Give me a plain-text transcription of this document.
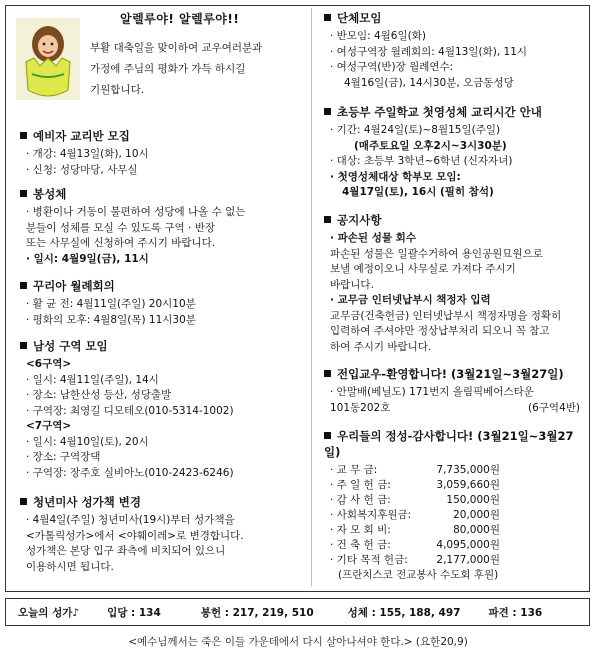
알렐루야! 알렐루야!!
부활 대축일을 맞이하여 교우여러분과
가정에 주님의 평화가 가득 하시길
기원합니다.
예비자 교리반 모집
· 개강: 4월13일(화), 10시
· 신청: 성당마당, 사무실
봉성체
· 병환이나 거동이 불편하여 성당에 나올 수 없는
분들이 성체를 모실 수 있도록 구역 · 반장
또는 사무실에 신청하여 주시기 바랍니다.
· 일시: 4월9일(금), 11시
꾸리아 월례회의
· 활 균 전: 4월11일(주일) 20시10분
· 평화의 모후: 4월8일(목) 11시30분
남성 구역 모임
<6구역>
· 일시: 4월11일(주일), 14시
· 장소: 남한산성 등산, 성당출발
· 구역장: 최영길 디모테오(010-5314-1002)
<7구역>
· 일시: 4월10일(토), 20시
· 장소: 구역장댁
· 구역장: 장주호 실비아노(010-2423-6246)
청년미사 성가책 변경
· 4월4일(주일) 청년미사(19시)부터 성가책을
<가톨릭성가>에서 <야훼이레>로 변경합니다.
성가책은 본당 입구 좌측에 비치되어 있으니
이용하시면 됩니다.
단체모임
· 반모임: 4월6일(화)
· 여성구역장 월례회의: 4월13일(화), 11시
· 여성구역(반)장 월례연수:
4월16일(금), 14시30분, 오금동성당
초등부 주일학교 첫영성체 교리시간 안내
· 기간: 4월24일(토)~8월15일(주일)
(매주토요일 오후2시~3시30분)
· 대상: 초등부 3학년~6학년 (신자자녀)
· 첫영성체대상 학부모 모임:
4월17일(토), 16시 (필히 참석)
공지사항
· 파손된 성물 회수
파손된 성물은 일괄수거하여 용인공원묘원으로
보낼 예정이오니 사무실로 가져다 주시기
바랍니다.
· 교무금 인터넷납부시 책정자 입력
교무금(건축헌금) 인터넷납부시 책정자명을 정확히
입력하여 주셔야만 정상납부처리 되오니 꼭 참고
하여 주시기 바랍니다.
전입교우-환영합니다! (3월21일~3월27일)
· 안말배(베닐도) 171번지 올림픽베어스타운
101동202호	(6구역4반)
우리들의 정성-감사합니다! (3월21일~3월27일)
· 교 무 금:	7,735,000원
· 주 일 헌 금:	3,059,660원
· 감 사 헌 금:	150,000원
· 사회복지후원금:	20,000원
· 자 모 회 비:	80,000원
· 건 축 헌 금:	4,095,000원
· 기타 목적 헌금:	2,177,000원
(프란치스코 전교봉사 수도회 후원)
오늘의 성가♪	입당 : 134	봉헌 : 217, 219, 510	성체 : 155, 188, 497	파견 : 136
<예수님께서는 죽은 이들 가운데에서 다시 살아나셔야 한다.> (요한20,9)
